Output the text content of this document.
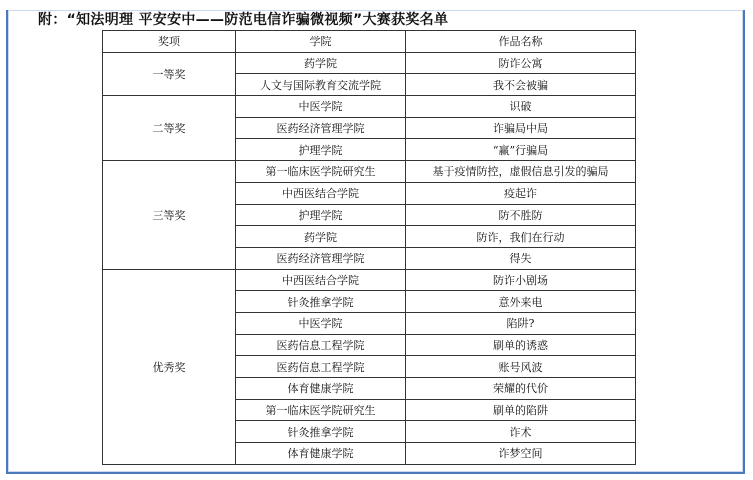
附：“知法明理 平安安中——防范电信诈骗微视频”大赛获奖名单
奖项	学院	作品名称
一等奖	药学院	防诈公寓
	人文与国际教育交流学院	我不会被骗
二等奖	中医学院	识破
	医药经济管理学院	诈骗局中局
	护理学院	“赢”行骗局
三等奖	第一临床医学院研究生	基于疫情防控，虚假信息引发的骗局
	中西医结合学院	疫起诈
	护理学院	防不胜防
	药学院	防诈，我们在行动
	医药经济管理学院	得失
优秀奖	中西医结合学院	防诈小剧场
	针灸推拿学院	意外来电
	中医学院	陷阱?
	医药信息工程学院	刷单的诱惑
	医药信息工程学院	账号风波
	体育健康学院	荣耀的代价
	第一临床医学院研究生	刷单的陷阱
	针灸推拿学院	诈术
	体育健康学院	诈梦空间
